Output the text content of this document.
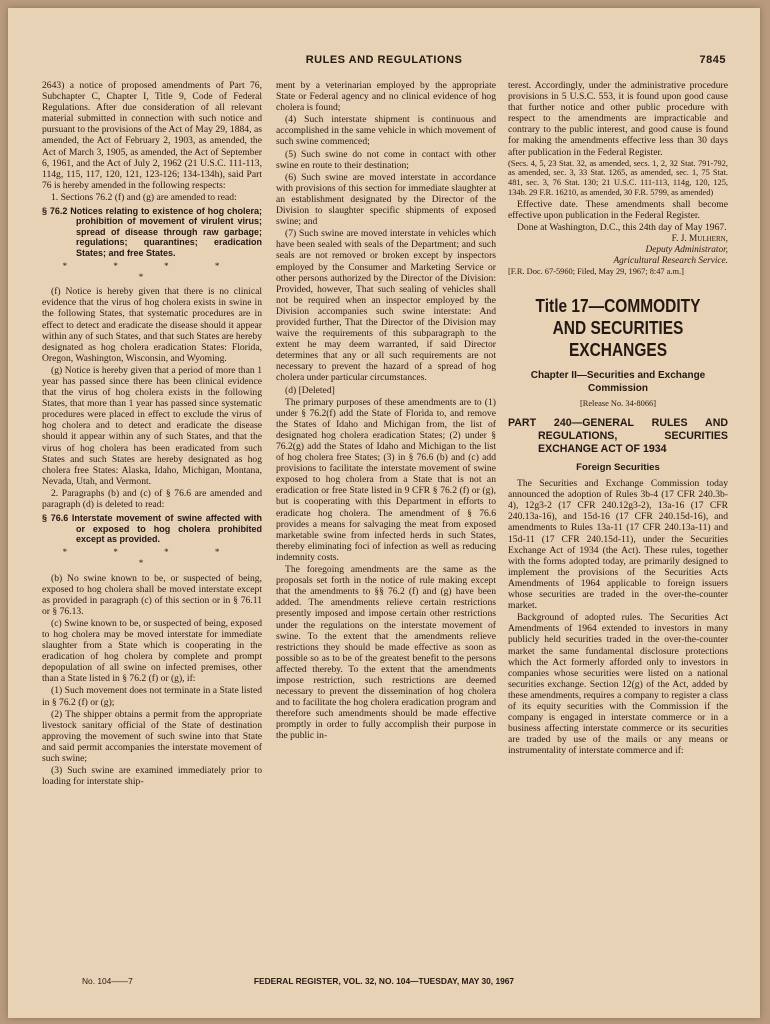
RULES AND REGULATIONS	7845

2643) a notice of proposed amendments of Part 76, Subchapter C, Chapter I, Title 9, Code of Federal Regulations. After due consideration of all relevant material submitted in connection with such notice and pursuant to the provisions of the Act of May 29, 1884, as amended, the Act of February 2, 1903, as amended, the Act of March 3, 1905, as amended, the Act of September 6, 1961, and the Act of July 2, 1962 (21 U.S.C. 111-113, 114g, 115, 117, 120, 121, 123-126; 134-134h), said Part 76 is hereby amended in the following respects:

1. Sections 76.2 (f) and (g) are amended to read:

§ 76.2 Notices relating to existence of hog cholera; prohibition of movement of virulent virus; spread of disease through raw garbage; regulations; quarantines; eradication States; and free States.
* * * * *

(f) Notice is hereby given that there is no clinical evidence that the virus of hog cholera exists in swine in the following States, that systematic procedures are in effect to detect and eradicate the disease should it appear within any of such States, and that such States are hereby designated as hog cholera eradication States: Florida, Oregon, Washington, Wisconsin, and Wyoming.

(g) Notice is hereby given that a period of more than 1 year has passed since there has been clinical evidence that the virus of hog cholera exists in the following States, that more than 1 year has passed since systematic procedures were placed in effect to exclude the virus of hog cholera and to detect and eradicate the disease should it appear within any of such States, and that the virus of hog cholera has been eradicated from such States and such States are hereby designated as hog cholera free States: Alaska, Idaho, Michigan, Montana, Nevada, Utah, and Vermont.

2. Paragraphs (b) and (c) of § 76.6 are amended and paragraph (d) is deleted to read:

§ 76.6 Interstate movement of swine affected with or exposed to hog cholera prohibited except as provided.
* * * * *

(b) No swine known to be, or suspected of being, exposed to hog cholera shall be moved interstate except as provided in paragraph (c) of this section or in § 76.11 or § 76.13.

(c) Swine known to be, or suspected of being, exposed to hog cholera may be moved interstate for immediate slaughter from a State which is cooperating in the eradication of hog cholera by complete and prompt depopulation of all swine on infected premises, other than a State listed in § 76.2 (f) or (g), if:

(1) Such movement does not terminate in a State listed in § 76.2 (f) or (g);

(2) The shipper obtains a permit from the appropriate livestock sanitary official of the State of destination approving the movement of such swine into that State and said permit accompanies the interstate movement of such swine;

(3) Such swine are examined immediately prior to loading for interstate ship-

ment by a veterinarian employed by the appropriate State or Federal agency and no clinical evidence of hog cholera is found;

(4) Such interstate shipment is continuous and accomplished in the same vehicle in which movement of such swine commenced;

(5) Such swine do not come in contact with other swine en route to their destination;

(6) Such swine are moved interstate in accordance with provisions of this section for immediate slaughter at an establishment designated by the Director of the Division to slaughter specific shipments of exposed swine; and

(7) Such swine are moved interstate in vehicles which have been sealed with seals of the Department; and such seals are not removed or broken except by inspectors employed by the Consumer and Marketing Service or other persons authorized by the Director of the Division: Provided, however, That such sealing of vehicles shall not be required when an inspector employed by the Division accompanies such swine interstate: And provided further, That the Director of the Division may waive the requirements of this subparagraph to the extent he may deem warranted, if said Director determines that any or all such requirements are not necessary to prevent the hazard of a spread of hog cholera under particular circumstances.

(d) [Deleted]

The primary purposes of these amendments are to (1) under § 76.2(f) add the State of Florida to, and remove the States of Idaho and Michigan from, the list of designated hog cholera eradication States; (2) under § 76.2(g) add the States of Idaho and Michigan to the list of hog cholera free States; (3) in § 76.6 (b) and (c) add provisions to facilitate the interstate movement of swine exposed to hog cholera from a State that is not an eradication or free State listed in 9 CFR § 76.2 (f) or (g), but is cooperating with this Department in efforts to eradicate hog cholera. The amendment of § 76.6 provides a means for salvaging the meat from exposed marketable swine from infected herds in such States, thereby eliminating foci of infection as well as reducing indemnity costs.

The foregoing amendments are the same as the proposals set forth in the notice of rule making except that the amendments to §§ 76.2 (f) and (g) have been added. The amendments relieve certain restrictions presently imposed and impose certain other restrictions under the regulations on the interstate movement of swine. To the extent that the amendments relieve restrictions they should be made effective as soon as possible so as to be of the greatest benefit to the persons affected thereby. To the extent that the amendments impose restriction, such restrictions are deemed necessary to prevent the dissemination of hog cholera and to facilitate the hog cholera eradication program and therefore such amendments should be made effective promptly in order to fully accomplish their purpose in the public in-

terest. Accordingly, under the administrative procedure provisions in 5 U.S.C. 553, it is found upon good cause that further notice and other public procedure with respect to the amendments are impracticable and contrary to the public interest, and good cause is found for making the amendments effective less than 30 days after publication in the Federal Register.

(Secs. 4, 5, 23 Stat. 32, as amended, secs. 1, 2, 32 Stat. 791-792, as amended, sec. 3, 33 Stat. 1265, as amended, sec. 1, 75 Stat. 481, sec. 3, 76 Stat. 130; 21 U.S.C. 111-113, 114g, 120, 125, 134b. 29 F.R. 16210, as amended, 30 F.R. 5799, as amended)

Effective date. These amendments shall become effective upon publication in the Federal Register.

Done at Washington, D.C., this 24th day of May 1967.

F. J. Mulhern,
Deputy Administrator,
Agricultural Research Service.

[F.R. Doc. 67-5960; Filed, May 29, 1967; 8:47 a.m.]

Title 17—COMMODITY AND SECURITIES EXCHANGES
Chapter II—Securities and Exchange Commission
[Release No. 34-8066]
PART 240—GENERAL RULES AND REGULATIONS, SECURITIES EXCHANGE ACT OF 1934
Foreign Securities

The Securities and Exchange Commission today announced the adoption of Rules 3b-4 (17 CFR 240.3b-4), 12g3-2 (17 CFR 240.12g3-2), 13a-16 (17 CFR 240.13a-16), and 15d-16 (17 CFR 240.15d-16), and amendments to Rules 13a-11 (17 CFR 240.13a-11) and 15d-11 (17 CFR 240.15d-11), under the Securities Exchange Act of 1934 (the Act). These rules, together with the forms adopted today, are primarily designed to implement the provisions of the Securities Acts Amendments of 1964 applicable to foreign issuers whose securities are traded in the over-the-counter market.

Background of adopted rules. The Securities Act Amendments of 1964 extended to investors in many publicly held securities traded in the over-the-counter market the same fundamental disclosure protections which the Act formerly afforded only to investors in companies whose securities were listed on a national securities exchange. Section 12(g) of the Act, added by these amendments, requires a company to register a class of its equity securities with the Commission if the company is engaged in interstate commerce or in a business affecting interstate commerce or its securities are traded by use of the mails or any means or instrumentality of interstate commerce and if:

No. 104——7	FEDERAL REGISTER, VOL. 32, NO. 104—TUESDAY, MAY 30, 1967
